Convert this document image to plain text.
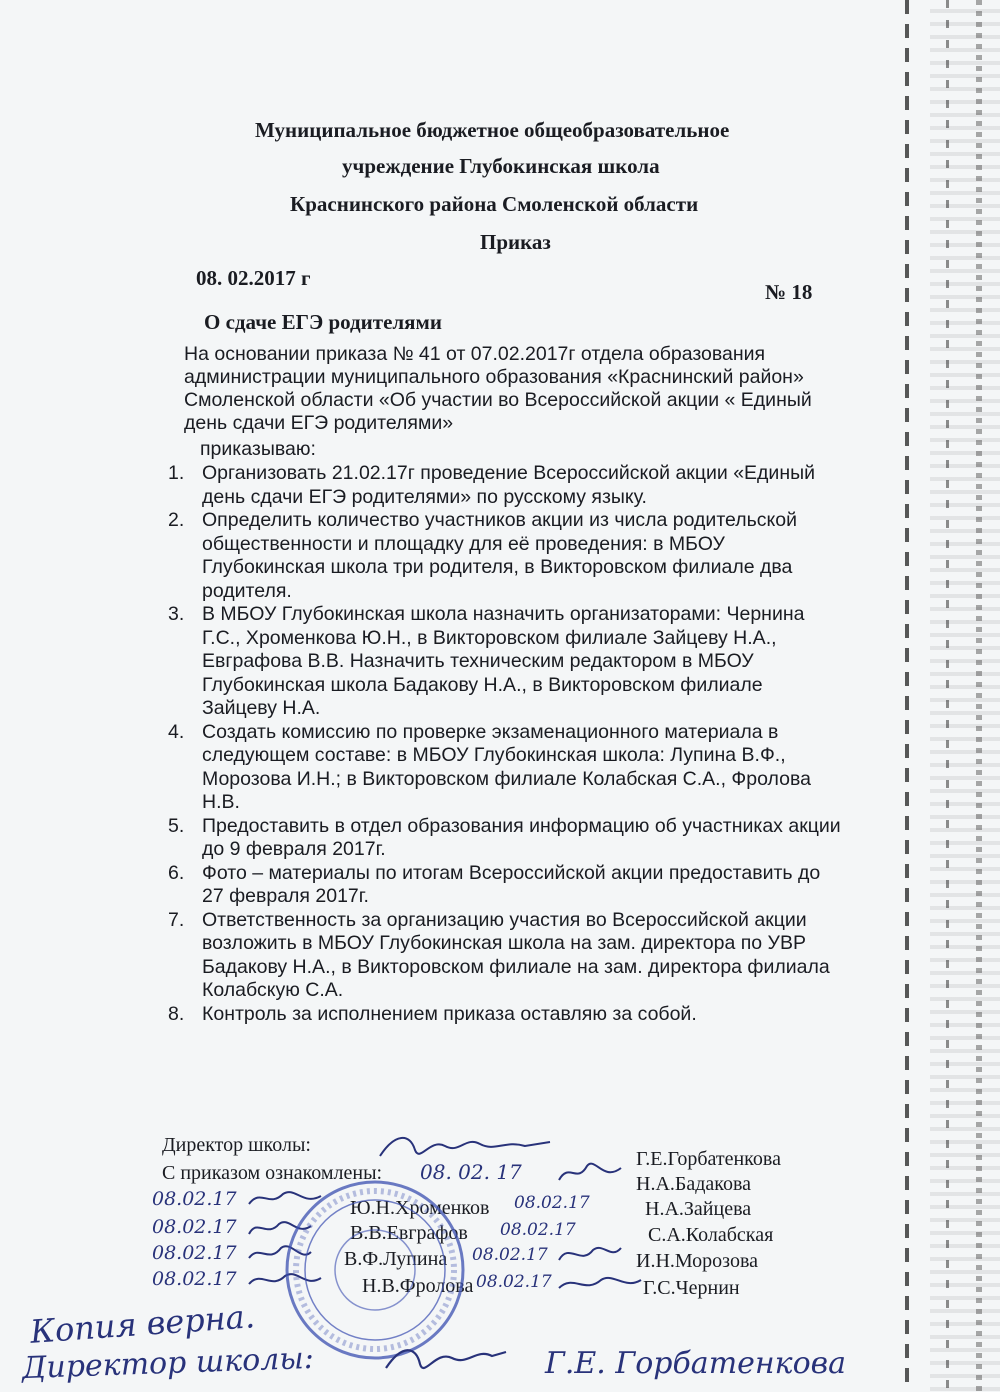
Муниципальное бюджетное общеобразовательное
учреждение Глубокинская школа
Краснинского района Смоленской области
Приказ
08. 02.2017 г
№ 18
О сдаче ЕГЭ родителями
На основании приказа № 41 от 07.02.2017г отдела образования
администрации муниципального образования «Краснинский район»
Смоленской области «Об участии во Всероссийской акции « Единый
день сдачи ЕГЭ родителями»
приказываю:
1. Организовать 21.02.17г проведение Всероссийской акции «Единый
день сдачи ЕГЭ родителями» по русскому языку.
2. Определить количество участников акции из числа родительской
общественности и площадку для её проведения: в МБОУ
Глубокинская школа три родителя, в Викторовском филиале два
родителя.
3. В МБОУ Глубокинская школа назначить организаторами: Чернина
Г.С., Хроменкова Ю.Н., в Викторовском филиале Зайцеву Н.А.,
Евграфова В.В. Назначить техническим редактором в МБОУ
Глубокинская школа Бадакову Н.А., в Викторовском филиале
Зайцеву Н.А.
4. Создать комиссию по проверке экзаменационного материала в
следующем составе: в МБОУ Глубокинская школа: Лупина В.Ф.,
Морозова И.Н.; в Викторовском филиале Колабская С.А., Фролова
Н.В.
5. Предоставить в отдел образования информацию об участниках акции
до 9 февраля 2017г.
6. Фото – материалы по итогам Всероссийской акции предоставить до
27 февраля 2017г.
7. Ответственность за организацию участия во Всероссийской акции
возложить в МБОУ Глубокинская школа на зам. директора по УВР
Бадакову Н.А., в Викторовском филиале на зам. директора филиала
Колабскую С.А.
8. Контроль за исполнением приказа оставляю за собой.
Директор школы:
Г.Е.Горбатенкова
С приказом ознакомлены: 08. 02. 17	Н.А.Бадакова
08.02.17	Ю.Н.Хроменков 08.02.17	Н.А.Зайцева
08.02.17	В.В.Евграфов 08.02.17	С.А.Колабская
08.02.17	В.Ф.Лупина 08.02.17	И.Н.Морозова
08.02.17	Н.В.Фролова 08.02.17	Г.С.Чернин
Копия верна.
Директор школы:	Г.Е. Горбатенкова
